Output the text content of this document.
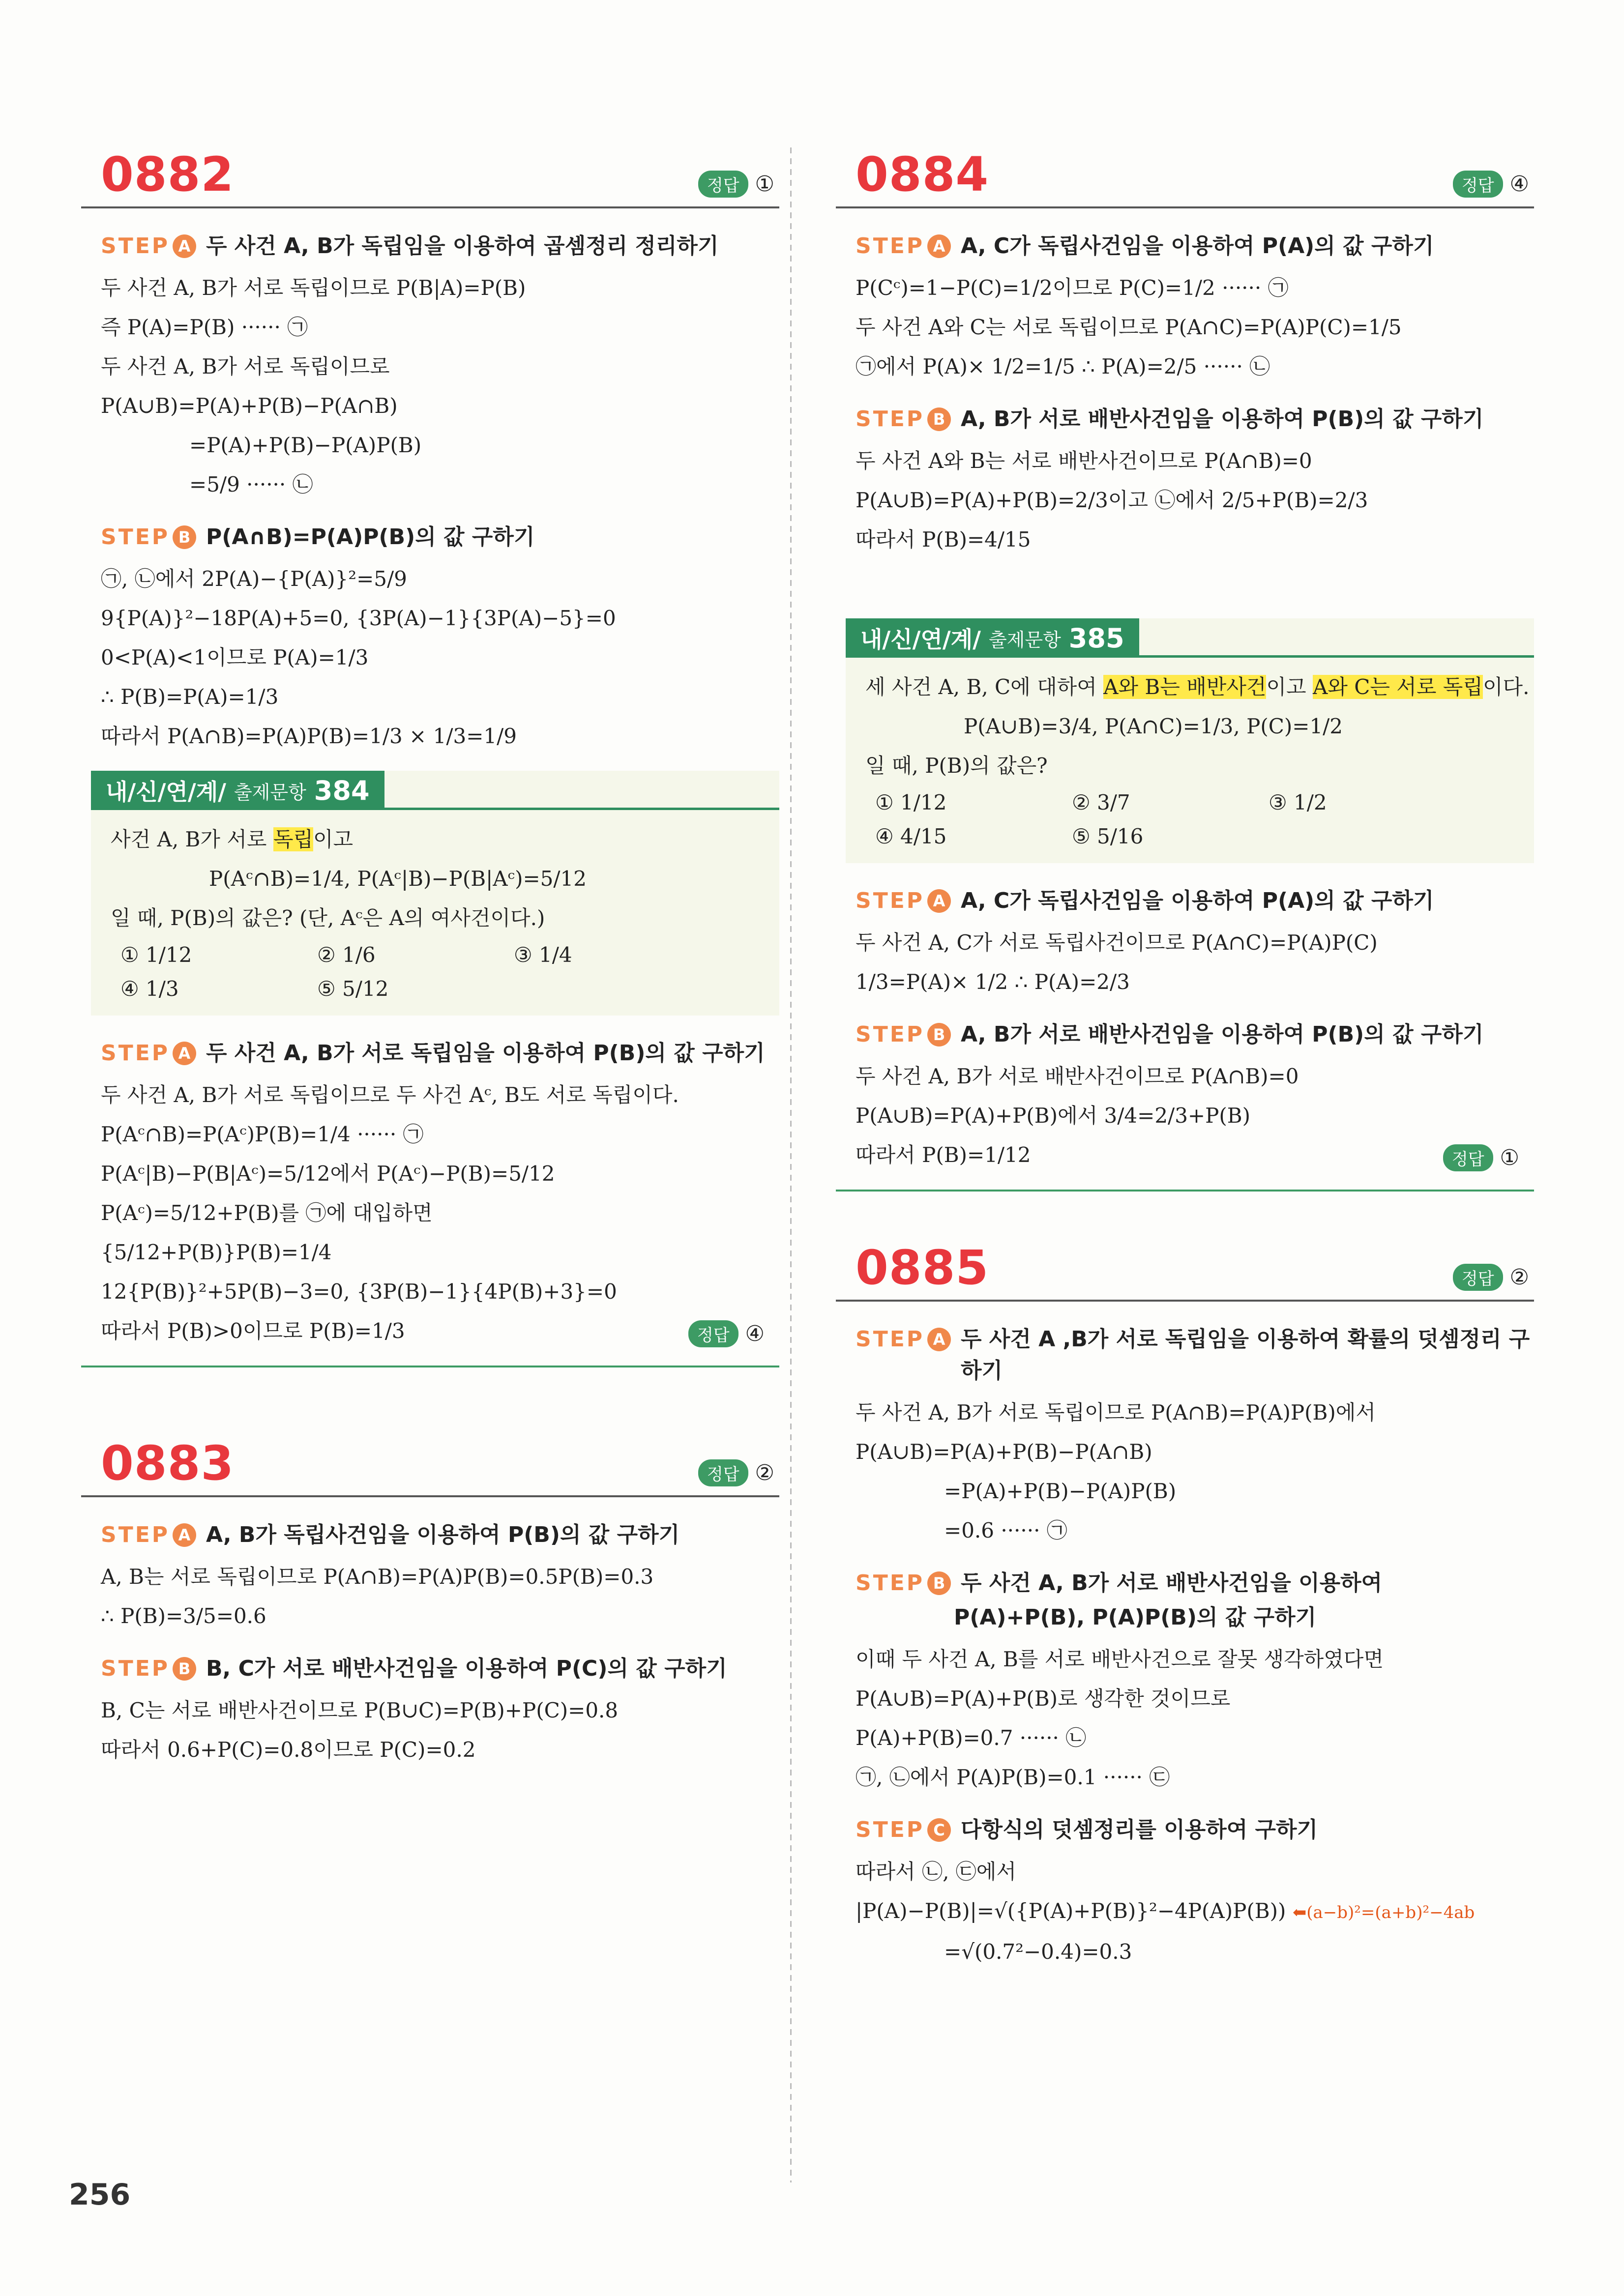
0882	정답 ①
STEP A 두 사건 A, B가 독립임을 이용하여 곱셈정리 정리하기
두 사건 A, B가 서로 독립이므로 P(B|A)=P(B)
즉 P(A)=P(B) ······ ㉠
두 사건 A, B가 서로 독립이므로
P(A∪B)=P(A)+P(B)−P(A∩B)
=P(A)+P(B)−P(A)P(B)
=5/9 ······ ㉡
STEP B P(A∩B)=P(A)P(B)의 값 구하기
㉠, ㉡에서 2P(A)−{P(A)}²=5/9
9{P(A)}²−18P(A)+5=0, {3P(A)−1}{3P(A)−5}=0
0<P(A)<1이므로 P(A)=1/3
∴ P(B)=P(A)=1/3
따라서 P(A∩B)=P(A)P(B)=1/3 × 1/3=1/9
내/신/연/계/ 출제문항 384
사건 A, B가 서로 독립이고
P(Aᶜ∩B)=1/4, P(Aᶜ|B)−P(B|Aᶜ)=5/12
일 때, P(B)의 값은? (단, Aᶜ은 A의 여사건이다.)
① 1/12	② 1/6	③ 1/4
④ 1/3	⑤ 5/12
STEP A 두 사건 A, B가 서로 독립임을 이용하여 P(B)의 값 구하기
두 사건 A, B가 서로 독립이므로 두 사건 Aᶜ, B도 서로 독립이다.
P(Aᶜ∩B)=P(Aᶜ)P(B)=1/4 ······ ㉠
P(Aᶜ|B)−P(B|Aᶜ)=5/12에서 P(Aᶜ)−P(B)=5/12
P(Aᶜ)=5/12+P(B)를 ㉠에 대입하면
{5/12+P(B)}P(B)=1/4
12{P(B)}²+5P(B)−3=0, {3P(B)−1}{4P(B)+3}=0
따라서 P(B)>0이므로 P(B)=1/3	정답 ④
0883	정답 ②
STEP A A, B가 독립사건임을 이용하여 P(B)의 값 구하기
A, B는 서로 독립이므로 P(A∩B)=P(A)P(B)=0.5P(B)=0.3
∴ P(B)=3/5=0.6
STEP B B, C가 서로 배반사건임을 이용하여 P(C)의 값 구하기
B, C는 서로 배반사건이므로 P(B∪C)=P(B)+P(C)=0.8
따라서 0.6+P(C)=0.8이므로 P(C)=0.2
0884	정답 ④
STEP A A, C가 독립사건임을 이용하여 P(A)의 값 구하기
P(Cᶜ)=1−P(C)=1/2이므로 P(C)=1/2 ······ ㉠
두 사건 A와 C는 서로 독립이므로 P(A∩C)=P(A)P(C)=1/5
㉠에서 P(A)× 1/2=1/5 ∴ P(A)=2/5 ······ ㉡
STEP B A, B가 서로 배반사건임을 이용하여 P(B)의 값 구하기
두 사건 A와 B는 서로 배반사건이므로 P(A∩B)=0
P(A∪B)=P(A)+P(B)=2/3이고 ㉡에서 2/5+P(B)=2/3
따라서 P(B)=4/15
내/신/연/계/ 출제문항 385
세 사건 A, B, C에 대하여 A와 B는 배반사건이고 A와 C는 서로 독립이다.
P(A∪B)=3/4, P(A∩C)=1/3, P(C)=1/2
일 때, P(B)의 값은?
① 1/12	② 3/7	③ 1/2
④ 4/15	⑤ 5/16
STEP A A, C가 독립사건임을 이용하여 P(A)의 값 구하기
두 사건 A, C가 서로 독립사건이므로 P(A∩C)=P(A)P(C)
1/3=P(A)× 1/2 ∴ P(A)=2/3
STEP B A, B가 서로 배반사건임을 이용하여 P(B)의 값 구하기
두 사건 A, B가 서로 배반사건이므로 P(A∩B)=0
P(A∪B)=P(A)+P(B)에서 3/4=2/3+P(B)
따라서 P(B)=1/12	정답 ①
0885	정답 ②
STEP A 두 사건 A ,B가 서로 독립임을 이용하여 확률의 덧셈정리 구하기
두 사건 A, B가 서로 독립이므로 P(A∩B)=P(A)P(B)에서
P(A∪B)=P(A)+P(B)−P(A∩B)
=P(A)+P(B)−P(A)P(B)
=0.6 ······ ㉠
STEP B 두 사건 A, B가 서로 배반사건임을 이용하여
P(A)+P(B), P(A)P(B)의 값 구하기
이때 두 사건 A, B를 서로 배반사건으로 잘못 생각하였다면
P(A∪B)=P(A)+P(B)로 생각한 것이므로
P(A)+P(B)=0.7 ······ ㉡
㉠, ㉡에서 P(A)P(B)=0.1 ······ ㉢
STEP C 다항식의 덧셈정리를 이용하여 구하기
따라서 ㉡, ㉢에서
|P(A)−P(B)|=√({P(A)+P(B)}²−4P(A)P(B)) ⬅(a−b)²=(a+b)²−4ab
=√(0.7²−0.4)=0.3
256
